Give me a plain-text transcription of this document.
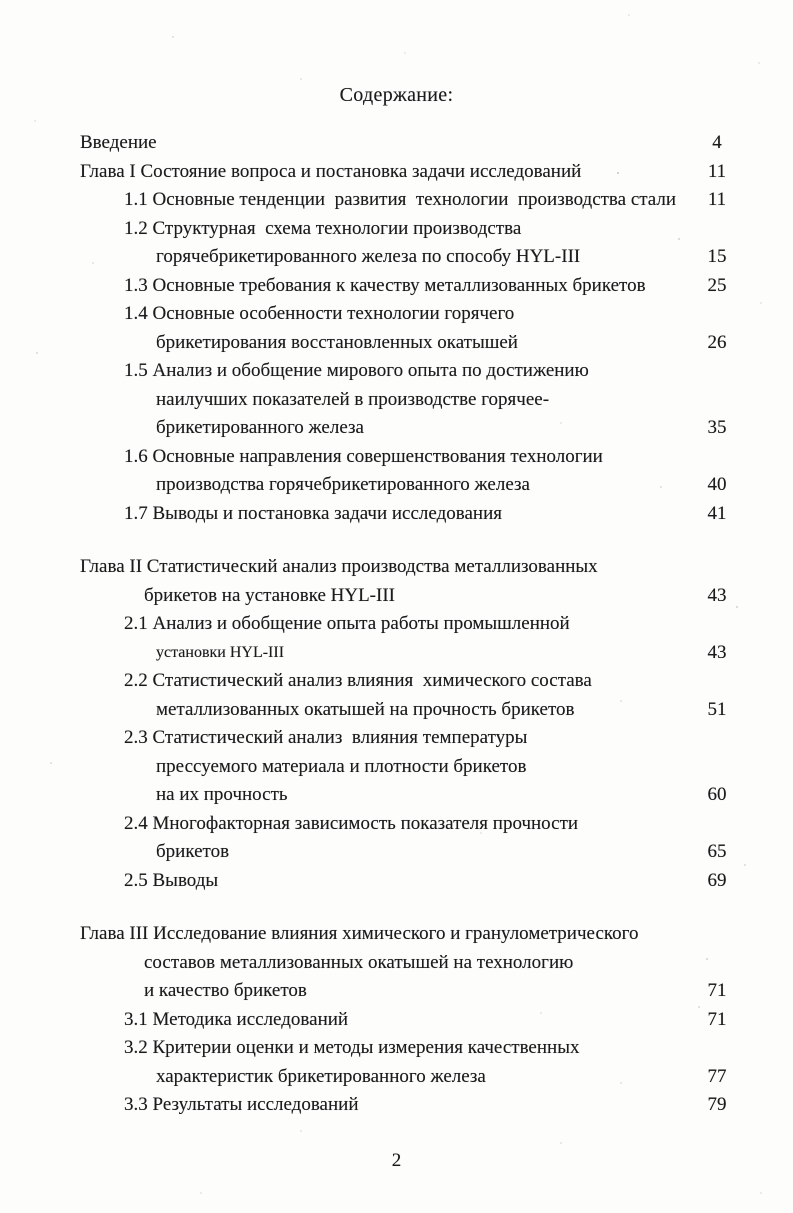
Содержание:
Введение	4
Глава I Состояние вопроса и постановка задачи исследований	11
1.1 Основные тенденции  развития  технологии  производства стали	11
1.2 Структурная  схема технологии производства
горячебрикетированного железа по способу HYL-III	15
1.3 Основные требования к качеству металлизованных брикетов	25
1.4 Основные особенности технологии горячего
брикетирования восстановленных окатышей	26
1.5 Анализ и обобщение мирового опыта по достижению
наилучших показателей в производстве горячее-
брикетированного железа	35
1.6 Основные направления совершенствования технологии
производства горячебрикетированного железа	40
1.7 Выводы и постановка задачи исследования	41
Глава II Статистический анализ производства металлизованных
брикетов на установке HYL-III	43
2.1 Анализ и обобщение опыта работы промышленной
установки HYL-III	43
2.2 Статистический анализ влияния  химического состава
металлизованных окатышей на прочность брикетов	51
2.3 Статистический анализ  влияния температуры
прессуемого материала и плотности брикетов
на их прочность	60
2.4 Многофакторная зависимость показателя прочности
брикетов	65
2.5 Выводы	69
Глава III Исследование влияния химического и гранулометрического
составов металлизованных окатышей на технологию
и качество брикетов	71
3.1 Методика исследований	71
3.2 Критерии оценки и методы измерения качественных
характеристик брикетированного железа	77
3.3 Результаты исследований	79
2
